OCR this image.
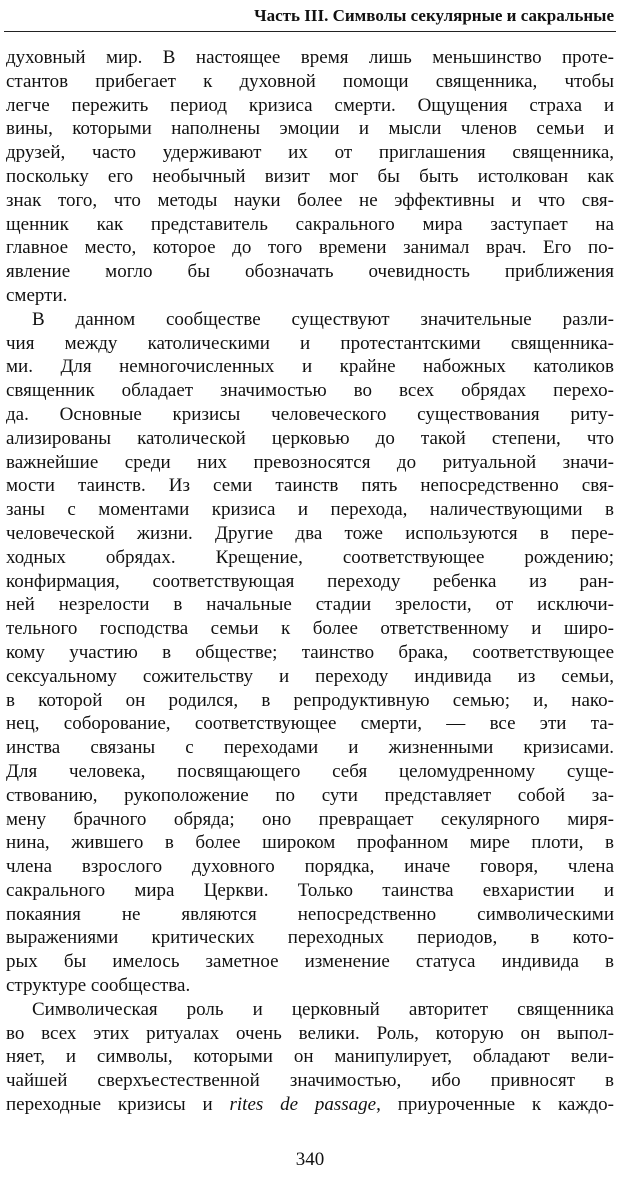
Часть III. Символы секулярные и сакральные
духовный мир. В настоящее время лишь меньшинство проте-
стантов прибегает к духовной помощи священника, чтобы
легче пережить период кризиса смерти. Ощущения страха и
вины, которыми наполнены эмоции и мысли членов семьи и
друзей, часто удерживают их от приглашения священника,
поскольку его необычный визит мог бы быть истолкован как
знак того, что методы науки более не эффективны и что свя-
щенник как представитель сакрального мира заступает на
главное место, которое до того времени занимал врач. Его по-
явление могло бы обозначать очевидность приближения
смерти.
В данном сообществе существуют значительные разли-
чия между католическими и протестантскими священника-
ми. Для немногочисленных и крайне набожных католиков
священник обладает значимостью во всех обрядах перехо-
да. Основные кризисы человеческого существования риту-
ализированы католической церковью до такой степени, что
важнейшие среди них превозносятся до ритуальной значи-
мости таинств. Из семи таинств пять непосредственно свя-
заны с моментами кризиса и перехода, наличествующими в
человеческой жизни. Другие два тоже используются в пере-
ходных обрядах. Крещение, соответствующее рождению;
конфирмация, соответствующая переходу ребенка из ран-
ней незрелости в начальные стадии зрелости, от исключи-
тельного господства семьи к более ответственному и широ-
кому участию в обществе; таинство брака, соответствующее
сексуальному сожительству и переходу индивида из семьи,
в которой он родился, в репродуктивную семью; и, нако-
нец, соборование, соответствующее смерти, — все эти та-
инства связаны с переходами и жизненными кризисами.
Для человека, посвящающего себя целомудренному суще-
ствованию, рукоположение по сути представляет собой за-
мену брачного обряда; оно превращает секулярного миря-
нина, жившего в более широком профанном мире плоти, в
члена взрослого духовного порядка, иначе говоря, члена
сакрального мира Церкви. Только таинства евхаристии и
покаяния не являются непосредственно символическими
выражениями критических переходных периодов, в кото-
рых бы имелось заметное изменение статуса индивида в
структуре сообщества.
Символическая роль и церковный авторитет священника
во всех этих ритуалах очень велики. Роль, которую он выпол-
няет, и символы, которыми он манипулирует, обладают вели-
чайшей сверхъестественной значимостью, ибо привносят в
переходные кризисы и rites de passage, приуроченные к каждо-
340
